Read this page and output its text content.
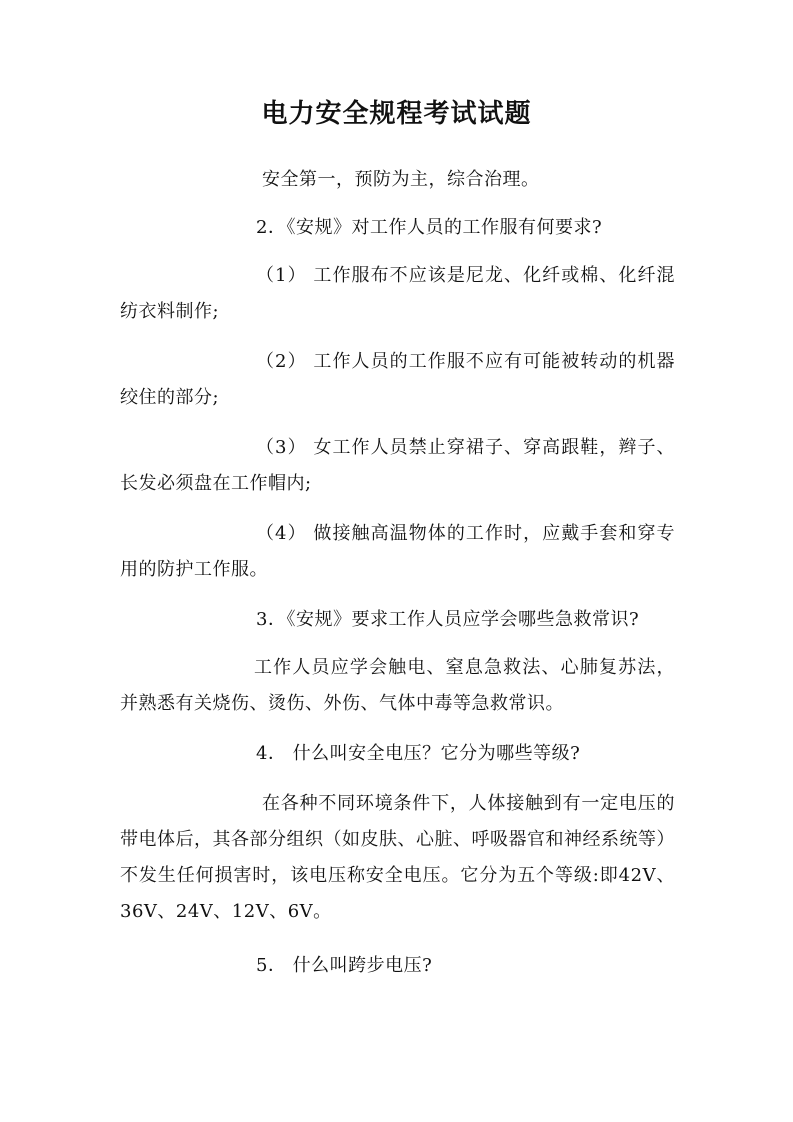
电力安全规程考试试题
安全第一，预防为主，综合治理。
2．《安规》对工作人员的工作服有何要求?
（1） 工作服布不应该是尼龙、化纤或棉、化纤混纺衣料制作;
（2） 工作人员的工作服不应有可能被转动的机器绞住的部分;
（3） 女工作人员禁止穿裙子、穿高跟鞋，辫子、长发必须盘在工作帽内;
（4） 做接触高温物体的工作时，应戴手套和穿专用的防护工作服。
3．《安规》要求工作人员应学会哪些急救常识?
工作人员应学会触电、窒息急救法、心肺复苏法，并熟悉有关烧伤、烫伤、外伤、气体中毒等急救常识。
4． 什么叫安全电压？它分为哪些等级?
在各种不同环境条件下，人体接触到有一定电压的带电体后，其各部分组织（如皮肤、心脏、呼吸器官和神经系统等）不发生任何损害时，该电压称安全电压。它分为五个等级:即42V、36V、24V、12V、6V。
5． 什么叫跨步电压?
